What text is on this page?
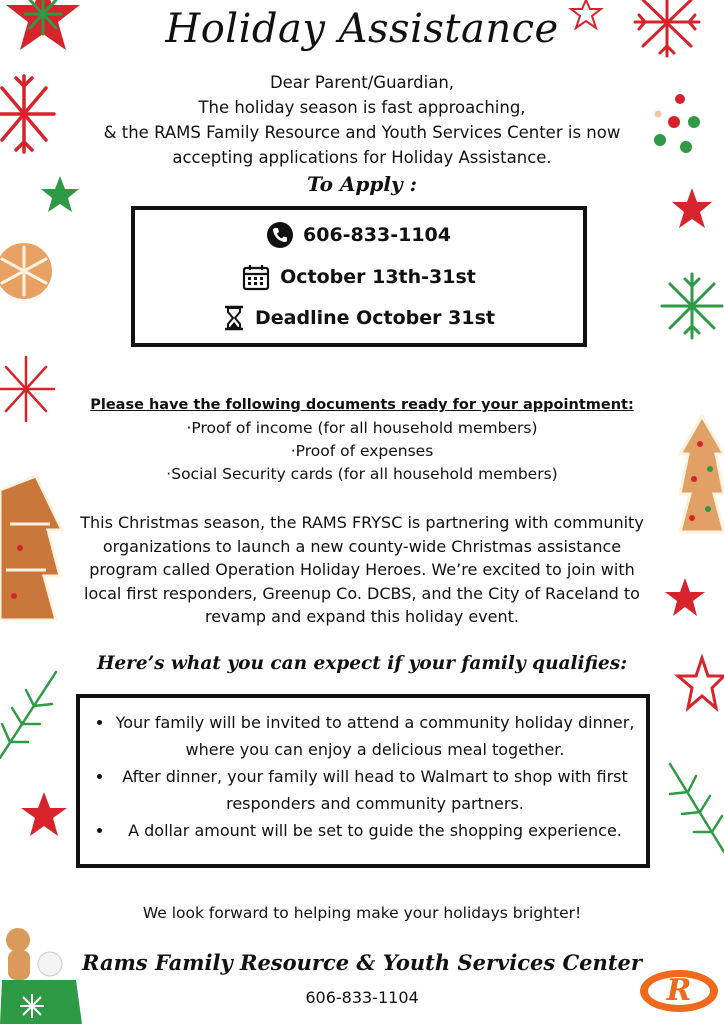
Holiday Assistance
Dear Parent/Guardian,
The holiday season is fast approaching,
& the RAMS Family Resource and Youth Services Center is now
accepting applications for Holiday Assistance.
To Apply :
606-833-1104
October 13th-31st
Deadline October 31st
Please have the following documents ready for your appointment:
·Proof of income (for all household members)
·Proof of expenses
·Social Security cards (for all household members)
This Christmas season, the RAMS FRYSC is partnering with community organizations to launch a new county-wide Christmas assistance program called Operation Holiday Heroes. We’re excited to join with local first responders, Greenup Co. DCBS, and the City of Raceland to revamp and expand this holiday event.
Here’s what you can expect if your family qualifies:
• Your family will be invited to attend a community holiday dinner, where you can enjoy a delicious meal together.
• After dinner, your family will head to Walmart to shop with first responders and community partners.
• A dollar amount will be set to guide the shopping experience.
We look forward to helping make your holidays brighter!
Rams Family Resource & Youth Services Center
606-833-1104	R
